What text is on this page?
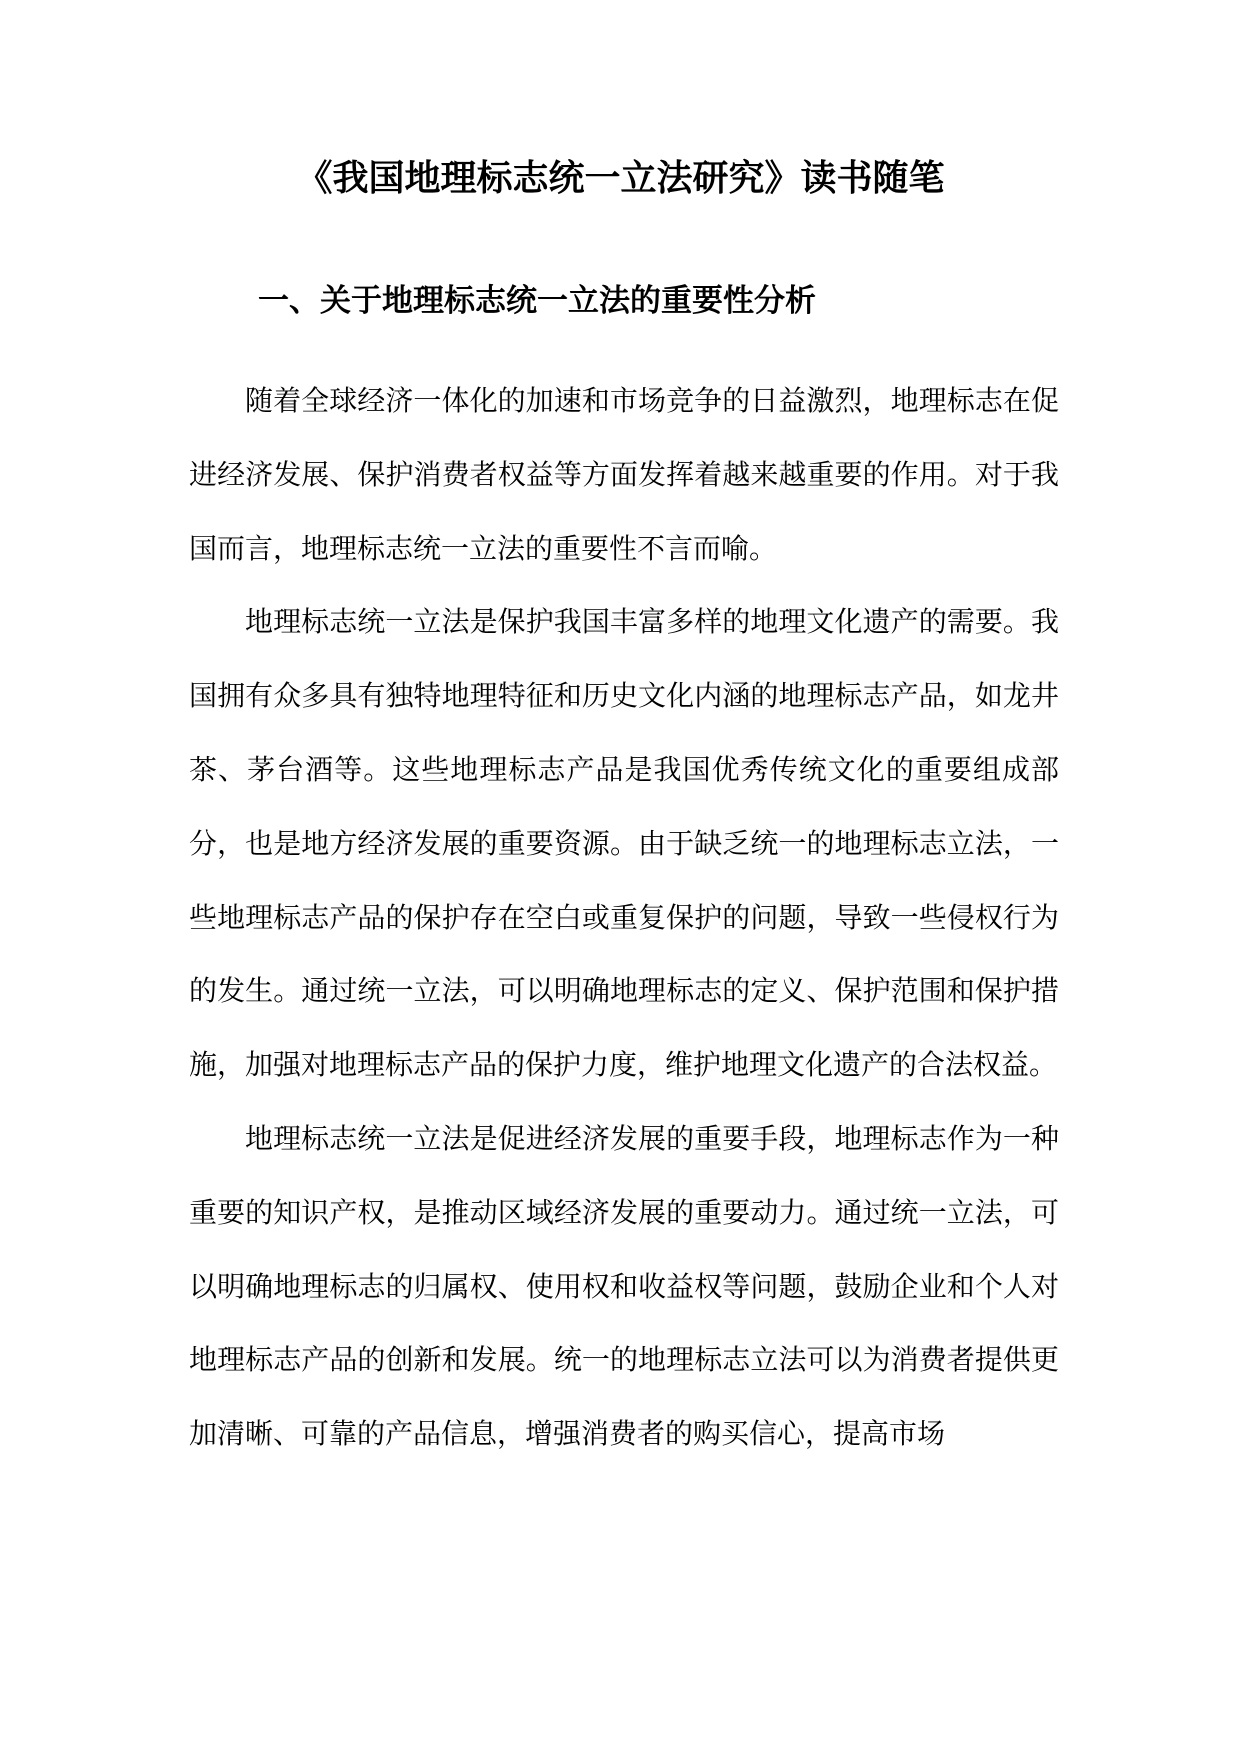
《我国地理标志统一立法研究》读书随笔
一、关于地理标志统一立法的重要性分析

随着全球经济一体化的加速和市场竞争的日益激烈，地理标志在促进经济发展、保护消费者权益等方面发挥着越来越重要的作用。对于我国而言，地理标志统一立法的重要性不言而喻。

地理标志统一立法是保护我国丰富多样的地理文化遗产的需要。我国拥有众多具有独特地理特征和历史文化内涵的地理标志产品，如龙井茶、茅台酒等。这些地理标志产品是我国优秀传统文化的重要组成部分，也是地方经济发展的重要资源。由于缺乏统一的地理标志立法，一些地理标志产品的保护存在空白或重复保护的问题，导致一些侵权行为的发生。通过统一立法，可以明确地理标志的定义、保护范围和保护措施，加强对地理标志产品的保护力度，维护地理文化遗产的合法权益。

地理标志统一立法是促进经济发展的重要手段，地理标志作为一种重要的知识产权，是推动区域经济发展的重要动力。通过统一立法，可以明确地理标志的归属权、使用权和收益权等问题，鼓励企业和个人对地理标志产品的创新和发展。统一的地理标志立法可以为消费者提供更加清晰、可靠的产品信息，增强消费者的购买信心，提高市场
